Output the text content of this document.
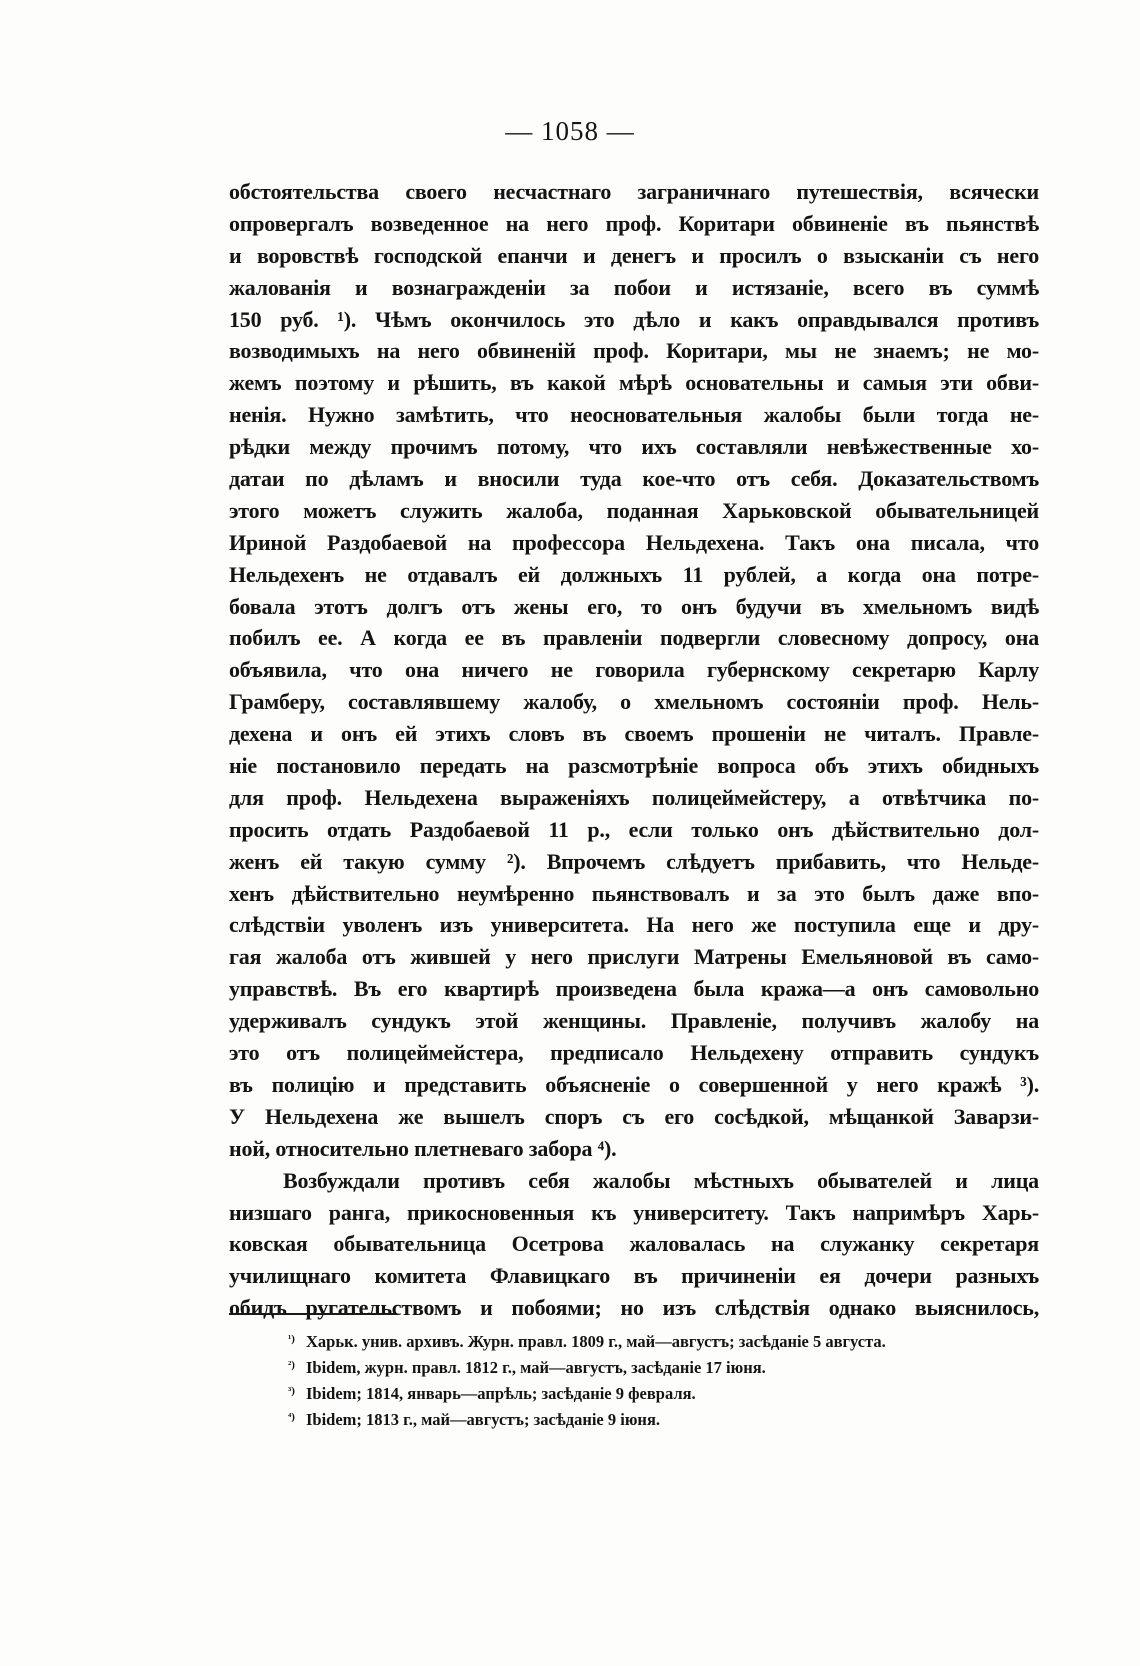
— 1058 —

обстоятельства своего несчастнаго заграничнаго путешествія, всячески
опровергалъ возведенное на него проф. Коритари обвиненіе въ пьянствѣ
и воровствѣ господской епанчи и денегъ и просилъ о взысканіи съ него
жалованія и вознагражденіи за побои и истязаніе, всего въ суммѣ
150 руб. ¹). Чѣмъ окончилось это дѣло и какъ оправдывался противъ
возводимыхъ на него обвиненій проф. Коритари, мы не знаемъ; не мо-
жемъ поэтому и рѣшить, въ какой мѣрѣ основательны и самыя эти обви-
ненія. Нужно замѣтить, что неосновательныя жалобы были тогда не-
рѣдки между прочимъ потому, что ихъ составляли невѣжественные хо-
датаи по дѣламъ и вносили туда кое-что отъ себя. Доказательствомъ
этого можетъ служить жалоба, поданная Харьковской обывательницей
Ириной Раздобаевой на профессора Нельдехена. Такъ она писала, что
Нельдехенъ не отдавалъ ей должныхъ 11 рублей, а когда она потре-
бовала этотъ долгъ отъ жены его, то онъ будучи въ хмельномъ видѣ
побилъ ее. А когда ее въ правленіи подвергли словесному допросу, она
объявила, что она ничего не говорила губернскому секретарю Карлу
Грамберу, составлявшему жалобу, о хмельномъ состояніи проф. Нель-
дехена и онъ ей этихъ словъ въ своемъ прошеніи не читалъ. Правле-
ніе постановило передать на разсмотрѣніе вопроса объ этихъ обидныхъ
для проф. Нельдехена выраженіяхъ полицеймейстеру, а отвѣтчика по-
просить отдать Раздобаевой 11 р., если только онъ дѣйствительно дол-
женъ ей такую сумму ²). Впрочемъ слѣдуетъ прибавить, что Нельде-
хенъ дѣйствительно неумѣренно пьянствовалъ и за это былъ даже впо-
слѣдствіи уволенъ изъ университета. На него же поступила еще и дру-
гая жалоба отъ жившей у него прислуги Матрены Емельяновой въ само-
управствѣ. Въ его квартирѣ произведена была кража—а онъ самовольно
удерживалъ сундукъ этой женщины. Правленіе, получивъ жалобу на
это отъ полицеймейстера, предписало Нельдехену отправить сундукъ
въ полицію и представить объясненіе о совершенной у него кражѣ ³).
У Нельдехена же вышелъ споръ съ его сосѣдкой, мѣщанкой Заварзи-
ной, относительно плетневаго забора ⁴).

Возбуждали противъ себя жалобы мѣстныхъ обывателей и лица
низшаго ранга, прикосновенныя къ университету. Такъ напримѣръ Харь-
ковская обывательница Осетрова жаловалась на служанку секретаря
училищнаго комитета Флавицкаго въ причиненіи ея дочери разныхъ
обидъ ругательствомъ и побоями; но изъ слѣдствія однако выяснилось,

¹) Харьк. унив. архивъ. Журн. правл. 1809 г., май—августъ; засѣданіе 5 августа.
²) Ibidem, журн. правл. 1812 г., май—августъ, засѣданіе 17 іюня.
³) Ibidem; 1814, январь—апрѣль; засѣданіе 9 февраля.
⁴) Ibidem; 1813 г., май—августъ; засѣданіе 9 іюня.
